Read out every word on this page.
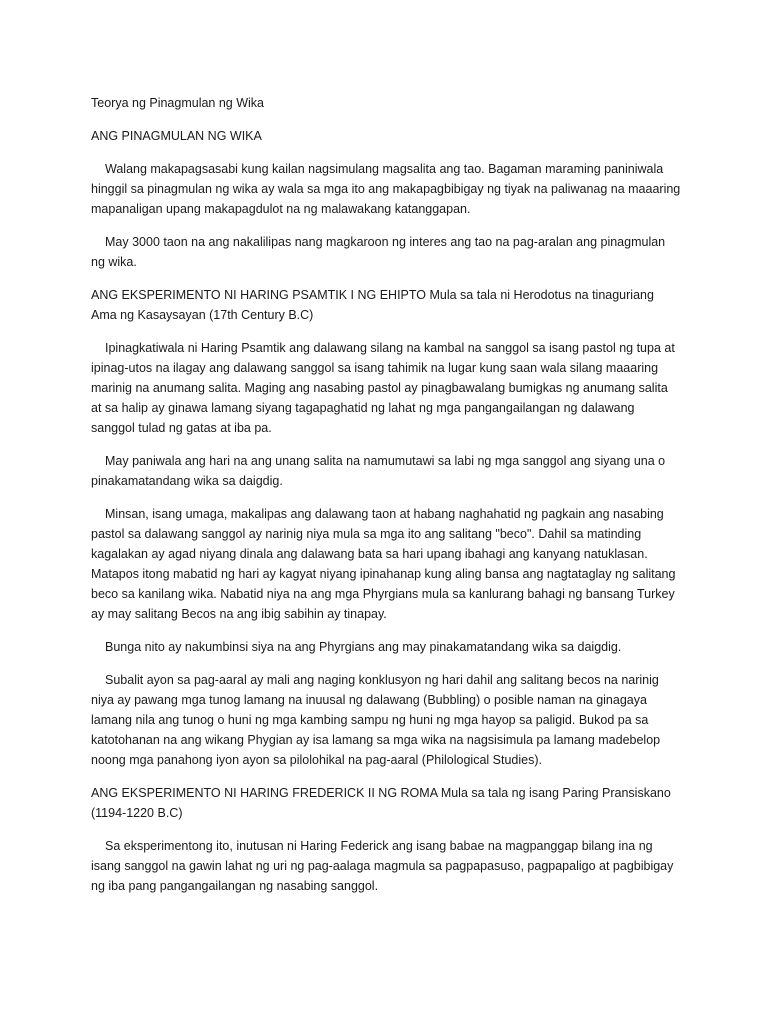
Teorya ng Pinagmulan ng Wika

ANG PINAGMULAN NG WIKA

Walang makapagsasabi kung kailan nagsimulang magsalita ang tao. Bagaman maraming paniniwala hinggil sa pinagmulan ng wika ay wala sa mga ito ang makapagbibigay ng tiyak na paliwanag na maaaring mapanaligan upang makapagdulot na ng malawakang katanggapan.

May 3000 taon na ang nakalilipas nang magkaroon ng interes ang tao na pag-aralan ang pinagmulan ng wika.

ANG EKSPERIMENTO NI HARING PSAMTIK I NG EHIPTO Mula sa tala ni Herodotus na tinaguriang Ama ng Kasaysayan (17th Century B.C)

Ipinagkatiwala ni Haring Psamtik ang dalawang silang na kambal na sanggol sa isang pastol ng tupa at ipinag-utos na ilagay ang dalawang sanggol sa isang tahimik na lugar kung saan wala silang maaaring marinig na anumang salita. Maging ang nasabing pastol ay pinagbawalang bumigkas ng anumang salita at sa halip ay ginawa lamang siyang tagapaghatid ng lahat ng mga pangangailangan ng dalawang sanggol tulad ng gatas at iba pa.

May paniwala ang hari na ang unang salita na namumutawi sa labi ng mga sanggol ang siyang una o pinakamatandang wika sa daigdig.

Minsan, isang umaga, makalipas ang dalawang taon at habang naghahatid ng pagkain ang nasabing pastol sa dalawang sanggol ay narinig niya mula sa mga ito ang salitang "beco". Dahil sa matinding kagalakan ay agad niyang dinala ang dalawang bata sa hari upang ibahagi ang kanyang natuklasan. Matapos itong mabatid ng hari ay kagyat niyang ipinahanap kung aling bansa ang nagtataglay ng salitang beco sa kanilang wika. Nabatid niya na ang mga Phyrgians mula sa kanlurang bahagi ng bansang Turkey ay may salitang Becos na ang ibig sabihin ay tinapay.

Bunga nito ay nakumbinsi siya na ang Phyrgians ang may pinakamatandang wika sa daigdig.

Subalit ayon sa pag-aaral ay mali ang naging konklusyon ng hari dahil ang salitang becos na narinig niya ay pawang mga tunog lamang na inuusal ng dalawang (Bubbling) o posible naman na ginagaya lamang nila ang tunog o huni ng mga kambing sampu ng huni ng mga hayop sa paligid. Bukod pa sa katotohanan na ang wikang Phygian ay isa lamang sa mga wika na nagsisimula pa lamang madebelop noong mga panahong iyon ayon sa pilolohikal na pag-aaral (Philological Studies).

ANG EKSPERIMENTO NI HARING FREDERICK II NG ROMA Mula sa tala ng isang Paring Pransiskano (1194-1220 B.C)

Sa eksperimentong ito, inutusan ni Haring Federick ang isang babae na magpanggap bilang ina ng isang sanggol na gawin lahat ng uri ng pag-aalaga magmula sa pagpapasuso, pagpapaligo at pagbibigay ng iba pang pangangailangan ng nasabing sanggol.
